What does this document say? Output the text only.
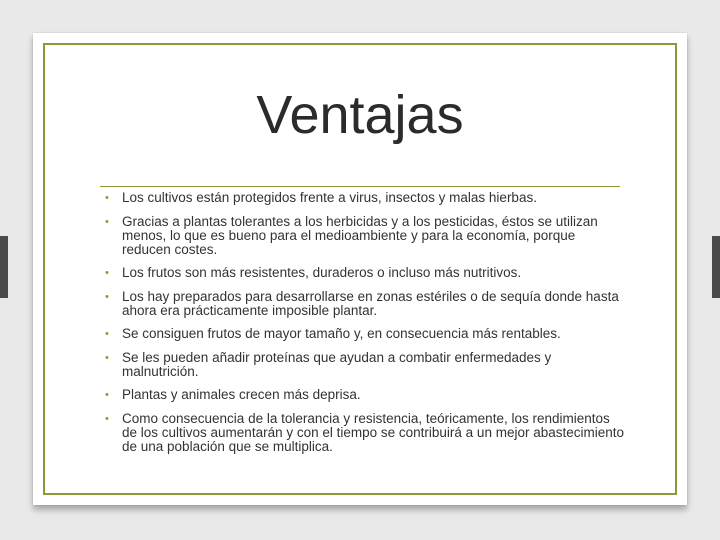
Ventajas
• Los cultivos están protegidos frente a virus, insectos y malas hierbas.
• Gracias a plantas tolerantes a los herbicidas y a los pesticidas, éstos se utilizan menos, lo que es bueno para el medioambiente y para la economía, porque reducen costes.
• Los frutos son más resistentes, duraderos o incluso más nutritivos.
• Los hay preparados para desarrollarse en zonas estériles o de sequía donde hasta ahora era prácticamente imposible plantar.
• Se consiguen frutos de mayor tamaño y, en consecuencia más rentables.
• Se les pueden añadir proteínas que ayudan a combatir enfermedades y malnutrición.
• Plantas y animales crecen más deprisa.
• Como consecuencia de la tolerancia y resistencia, teóricamente, los rendimientos de los cultivos aumentarán y con el tiempo se contribuirá a un mejor abastecimiento de una población que se multiplica.
